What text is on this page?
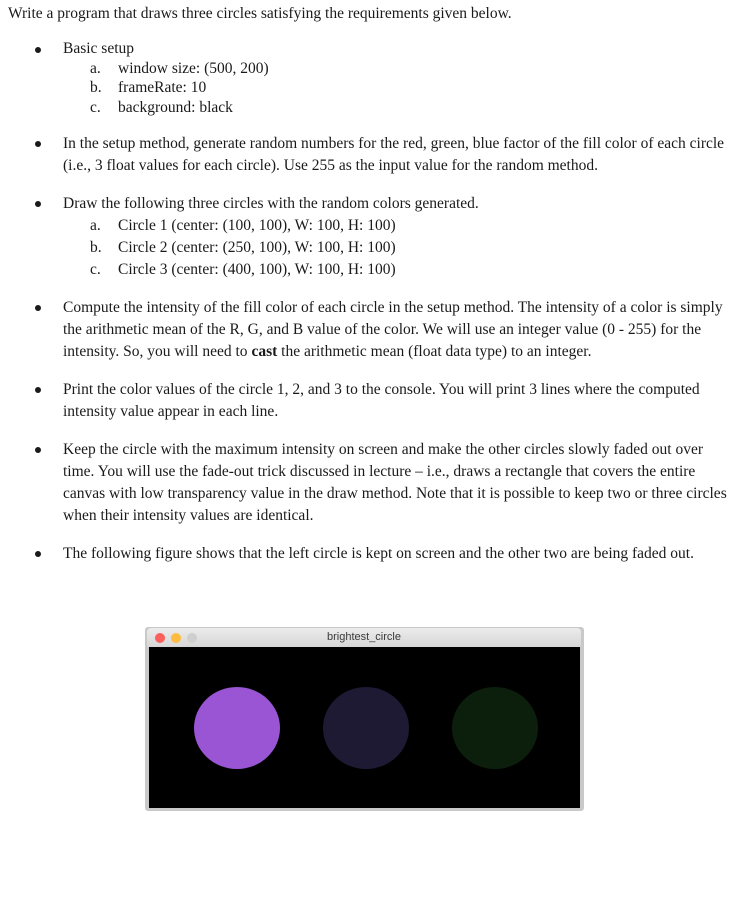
Write a program that draws three circles satisfying the requirements given below.

Basic setup
a. window size: (500, 200)
b. frameRate: 10
c. background: black
In the setup method, generate random numbers for the red, green, blue factor of the fill color of each circle (i.e., 3 float values for each circle). Use 255 as the input value for the random method.
Draw the following three circles with the random colors generated.
a. Circle 1 (center: (100, 100), W: 100, H: 100)
b. Circle 2 (center: (250, 100), W: 100, H: 100)
c. Circle 3 (center: (400, 100), W: 100, H: 100)
Compute the intensity of the fill color of each circle in the setup method. The intensity of a color is simply the arithmetic mean of the R, G, and B value of the color. We will use an integer value (0 - 255) for the intensity. So, you will need to cast the arithmetic mean (float data type) to an integer.
Print the color values of the circle 1, 2, and 3 to the console. You will print 3 lines where the computed intensity value appear in each line.
Keep the circle with the maximum intensity on screen and make the other circles slowly faded out over time. You will use the fade-out trick discussed in lecture – i.e., draws a rectangle that covers the entire canvas with low transparency value in the draw method. Note that it is possible to keep two or three circles when their intensity values are identical.
The following figure shows that the left circle is kept on screen and the other two are being faded out.
brightest_circle
